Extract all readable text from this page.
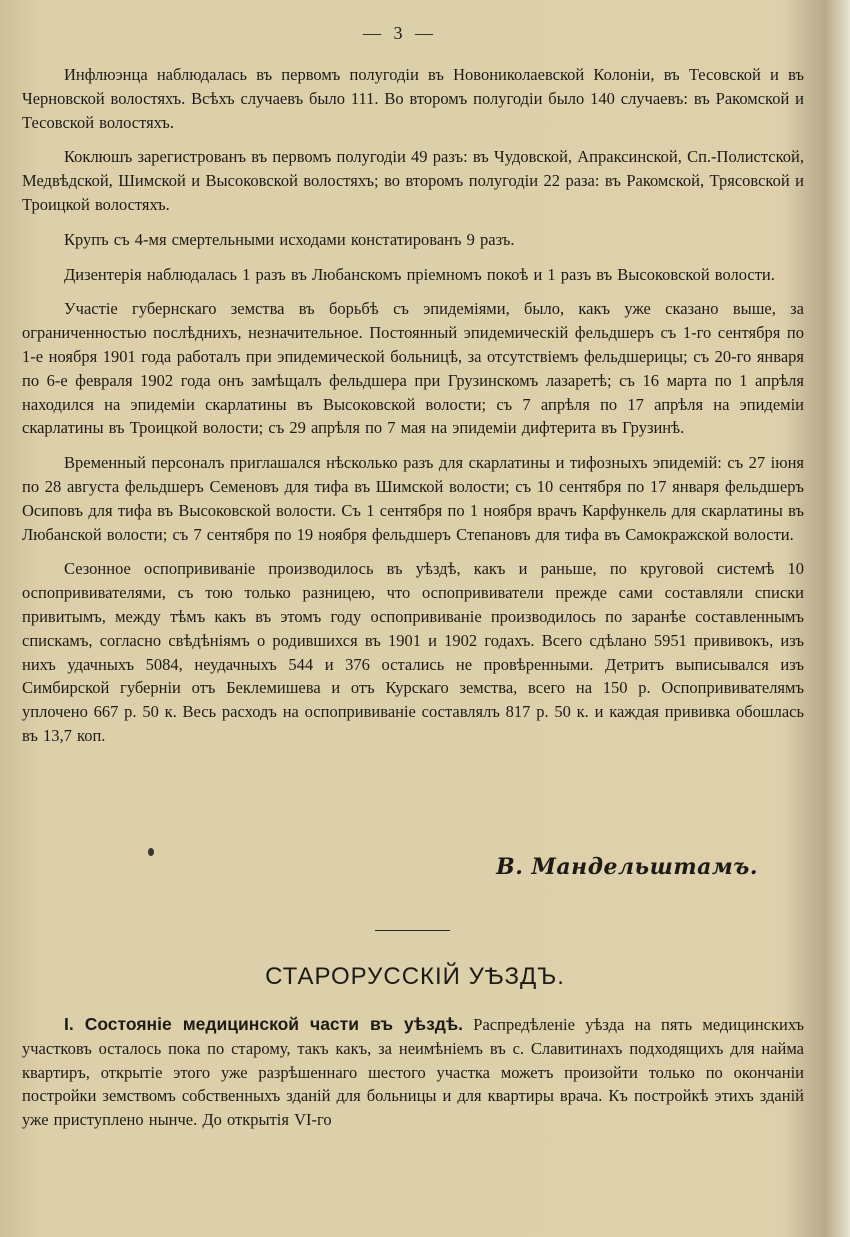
— 3 —

Инфлюэнца наблюдалась въ первомъ полугодіи въ Новониколаевской Колоніи, въ Тесовской и въ Черновской волостяхъ. Всѣхъ случаевъ было 111. Во второмъ полугодіи было 140 случаевъ: въ Ракомской и Тесовской волостяхъ.

Коклюшъ зарегистрованъ въ первомъ полугодіи 49 разъ: въ Чудовской, Апраксинской, Сп.-Полистской, Медвѣдской, Шимской и Высоковской волостяхъ; во второмъ полугодіи 22 раза: въ Ракомской, Трясовской и Троицкой волостяхъ.

Крупъ съ 4-мя смертельными исходами констатированъ 9 разъ.

Дизентерія наблюдалась 1 разъ въ Любанскомъ пріемномъ покоѣ и 1 разъ въ Высоковской волости.

Участіе губернскаго земства въ борьбѣ съ эпидеміями, было, какъ уже сказано выше, за ограниченностью послѣднихъ, незначительное. Постоянный эпидемическій фельдшеръ съ 1-го сентября по 1-е ноября 1901 года работалъ при эпидемической больницѣ, за отсутствіемъ фельдшерицы; съ 20-го января по 6-е февраля 1902 года онъ замѣщалъ фельдшера при Грузинскомъ лазаретѣ; съ 16 марта по 1 апрѣля находился на эпидеміи скарлатины въ Высоковской волости; съ 7 апрѣля по 17 апрѣля на эпидеміи скарлатины въ Троицкой волости; съ 29 апрѣля по 7 мая на эпидеміи дифтерита въ Грузинѣ.

Временный персоналъ приглашался нѣсколько разъ для скарлатины и тифозныхъ эпидемій: съ 27 іюня по 28 августа фельдшеръ Семеновъ для тифа въ Шимской волости; съ 10 сентября по 17 января фельдшеръ Осиповъ для тифа въ Высоковской волости. Съ 1 сентября по 1 ноября врачъ Карфункель для скарлатины въ Любанской волости; съ 7 сентября по 19 ноября фельдшеръ Степановъ для тифа въ Самокражской волости.

Сезонное оспопрививаніе производилось въ уѣздѣ, какъ и раньше, по круговой системѣ 10 оспопрививателями, съ тою только разницею, что оспопрививатели прежде сами составляли списки привитымъ, между тѣмъ какъ въ этомъ году оспопрививаніе производилось по заранѣе составленнымъ спискамъ, согласно свѣдѣніямъ о родившихся въ 1901 и 1902 годахъ. Всего сдѣлано 5951 прививокъ, изъ нихъ удачныхъ 5084, неудачныхъ 544 и 376 остались не провѣренными. Детритъ выписывался изъ Симбирской губерніи отъ Беклемишева и отъ Курскаго земства, всего на 150 р. Оспопрививателямъ уплочено 667 р. 50 к. Весь расходъ на оспопрививаніе составлялъ 817 р. 50 к. и каждая прививка обошлась въ 13,7 коп.

В. Мандельштамъ.
СТАРОРУССКІЙ УѢЗДЪ.

I. Состояніе медицинской части въ уѣздѣ. Распредѣленіе уѣзда на пять медицинскихъ участковъ осталось пока по старому, такъ какъ, за неимѣніемъ въ с. Славитинахъ подходящихъ для найма квартиръ, открытіе этого уже разрѣшеннаго шестого участка можетъ произойти только по окончаніи постройки земствомъ собственныхъ зданій для больницы и для квартиры врача. Къ постройкѣ этихъ зданій уже приступлено нынче. До открытія VI-го
